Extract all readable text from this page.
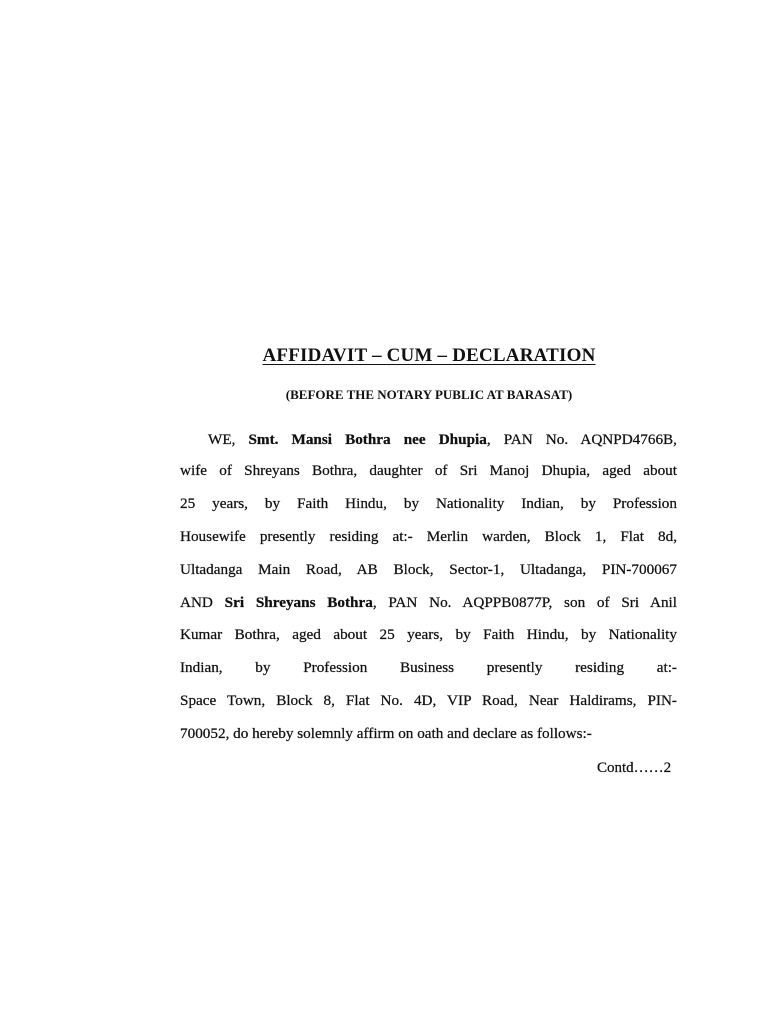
AFFIDAVIT – CUM – DECLARATION
(BEFORE THE NOTARY PUBLIC AT BARASAT)
WE, Smt. Mansi Bothra nee Dhupia, PAN No. AQNPD4766B,
wife of Shreyans Bothra, daughter of Sri Manoj Dhupia, aged about
25 years, by Faith Hindu, by Nationality Indian, by Profession
Housewife presently residing at:- Merlin warden, Block 1, Flat 8d,
Ultadanga Main Road, AB Block, Sector-1, Ultadanga, PIN-700067
AND Sri Shreyans Bothra, PAN No. AQPPB0877P, son of Sri Anil
Kumar Bothra, aged about 25 years, by Faith Hindu, by Nationality
Indian, by Profession Business presently residing at:-
Space Town, Block 8, Flat No. 4D, VIP Road, Near Haldirams, PIN-
700052, do hereby solemnly affirm on oath and declare as follows:-
Contd……2
